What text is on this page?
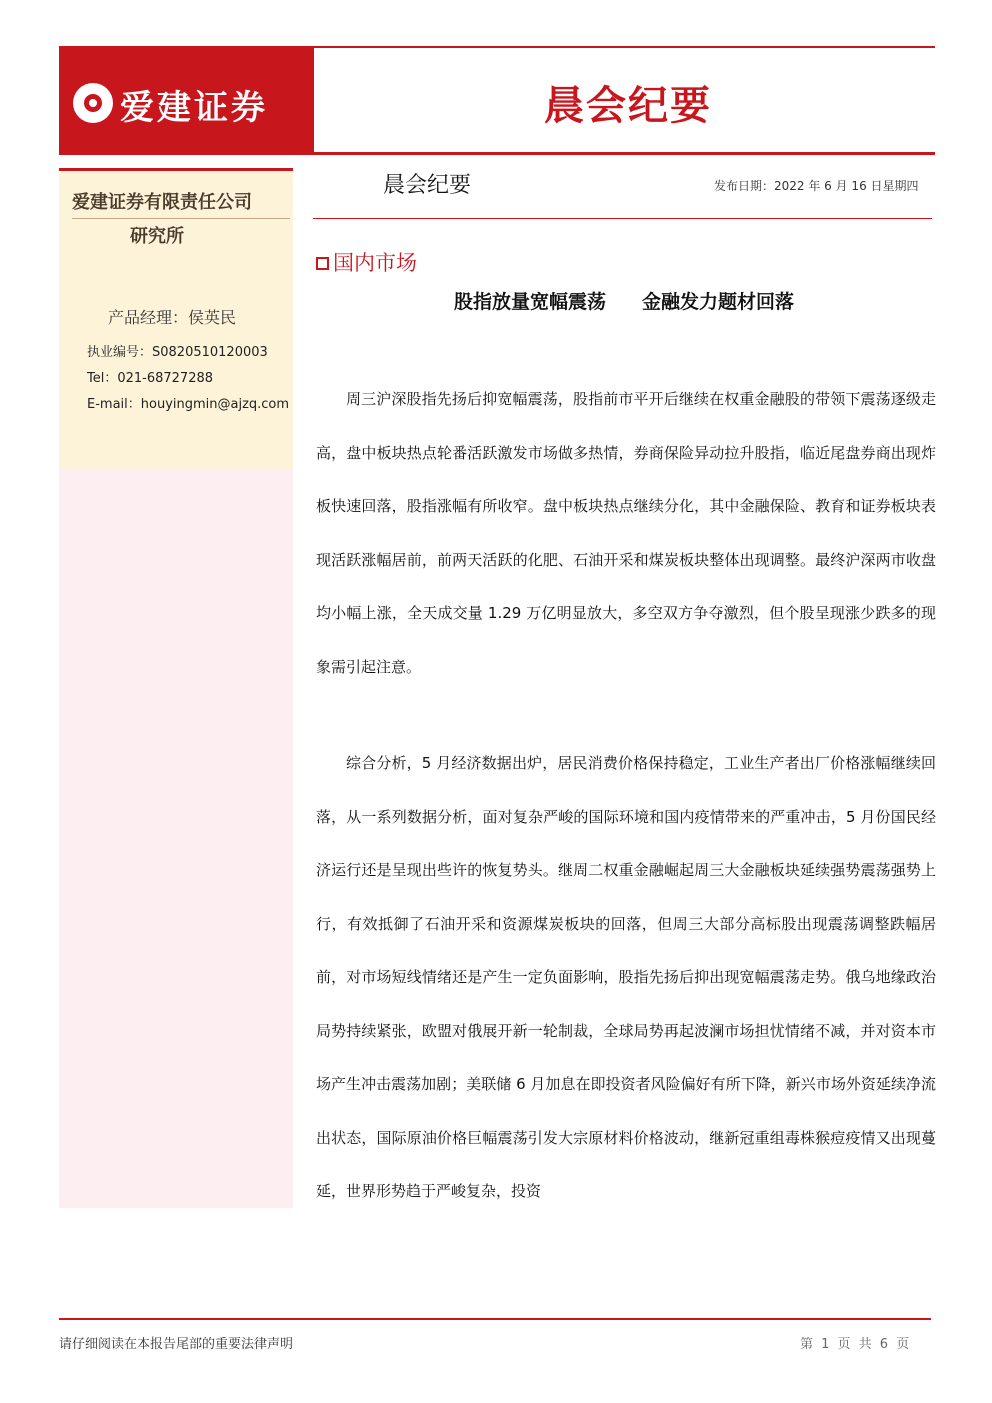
爱建证券	晨会纪要
爱建证券有限责任公司
研究所
产品经理：侯英民
执业编号：S0820510120003
Tel：021-68727288
E-mail：houyingmin@ajzq.com
晨会纪要	发布日期：2022 年 6 月 16 日星期四
国内市场
股指放量宽幅震荡 金融发力题材回落

周三沪深股指先扬后抑宽幅震荡，股指前市平开后继续在权重金融股的带领下震荡逐级走高，盘中板块热点轮番活跃激发市场做多热情，券商保险异动拉升股指，临近尾盘券商出现炸板快速回落，股指涨幅有所收窄。盘中板块热点继续分化，其中金融保险、教育和证券板块表现活跃涨幅居前，前两天活跃的化肥、石油开采和煤炭板块整体出现调整。最终沪深两市收盘均小幅上涨，全天成交量 1.29 万亿明显放大，多空双方争夺激烈，但个股呈现涨少跌多的现象需引起注意。

综合分析，5 月经济数据出炉，居民消费价格保持稳定，工业生产者出厂价格涨幅继续回落，从一系列数据分析，面对复杂严峻的国际环境和国内疫情带来的严重冲击，5 月份国民经济运行还是呈现出些许的恢复势头。继周二权重金融崛起周三大金融板块延续强势震荡强势上行，有效抵御了石油开采和资源煤炭板块的回落，但周三大部分高标股出现震荡调整跌幅居前，对市场短线情绪还是产生一定负面影响，股指先扬后抑出现宽幅震荡走势。俄乌地缘政治局势持续紧张，欧盟对俄展开新一轮制裁，全球局势再起波澜市场担忧情绪不减，并对资本市场产生冲击震荡加剧；美联储 6 月加息在即投资者风险偏好有所下降，新兴市场外资延续净流出状态，国际原油价格巨幅震荡引发大宗原材料价格波动，继新冠重组毒株猴痘疫情又出现蔓延，世界形势趋于严峻复杂，投资

请仔细阅读在本报告尾部的重要法律声明	第 1 页 共 6 页
